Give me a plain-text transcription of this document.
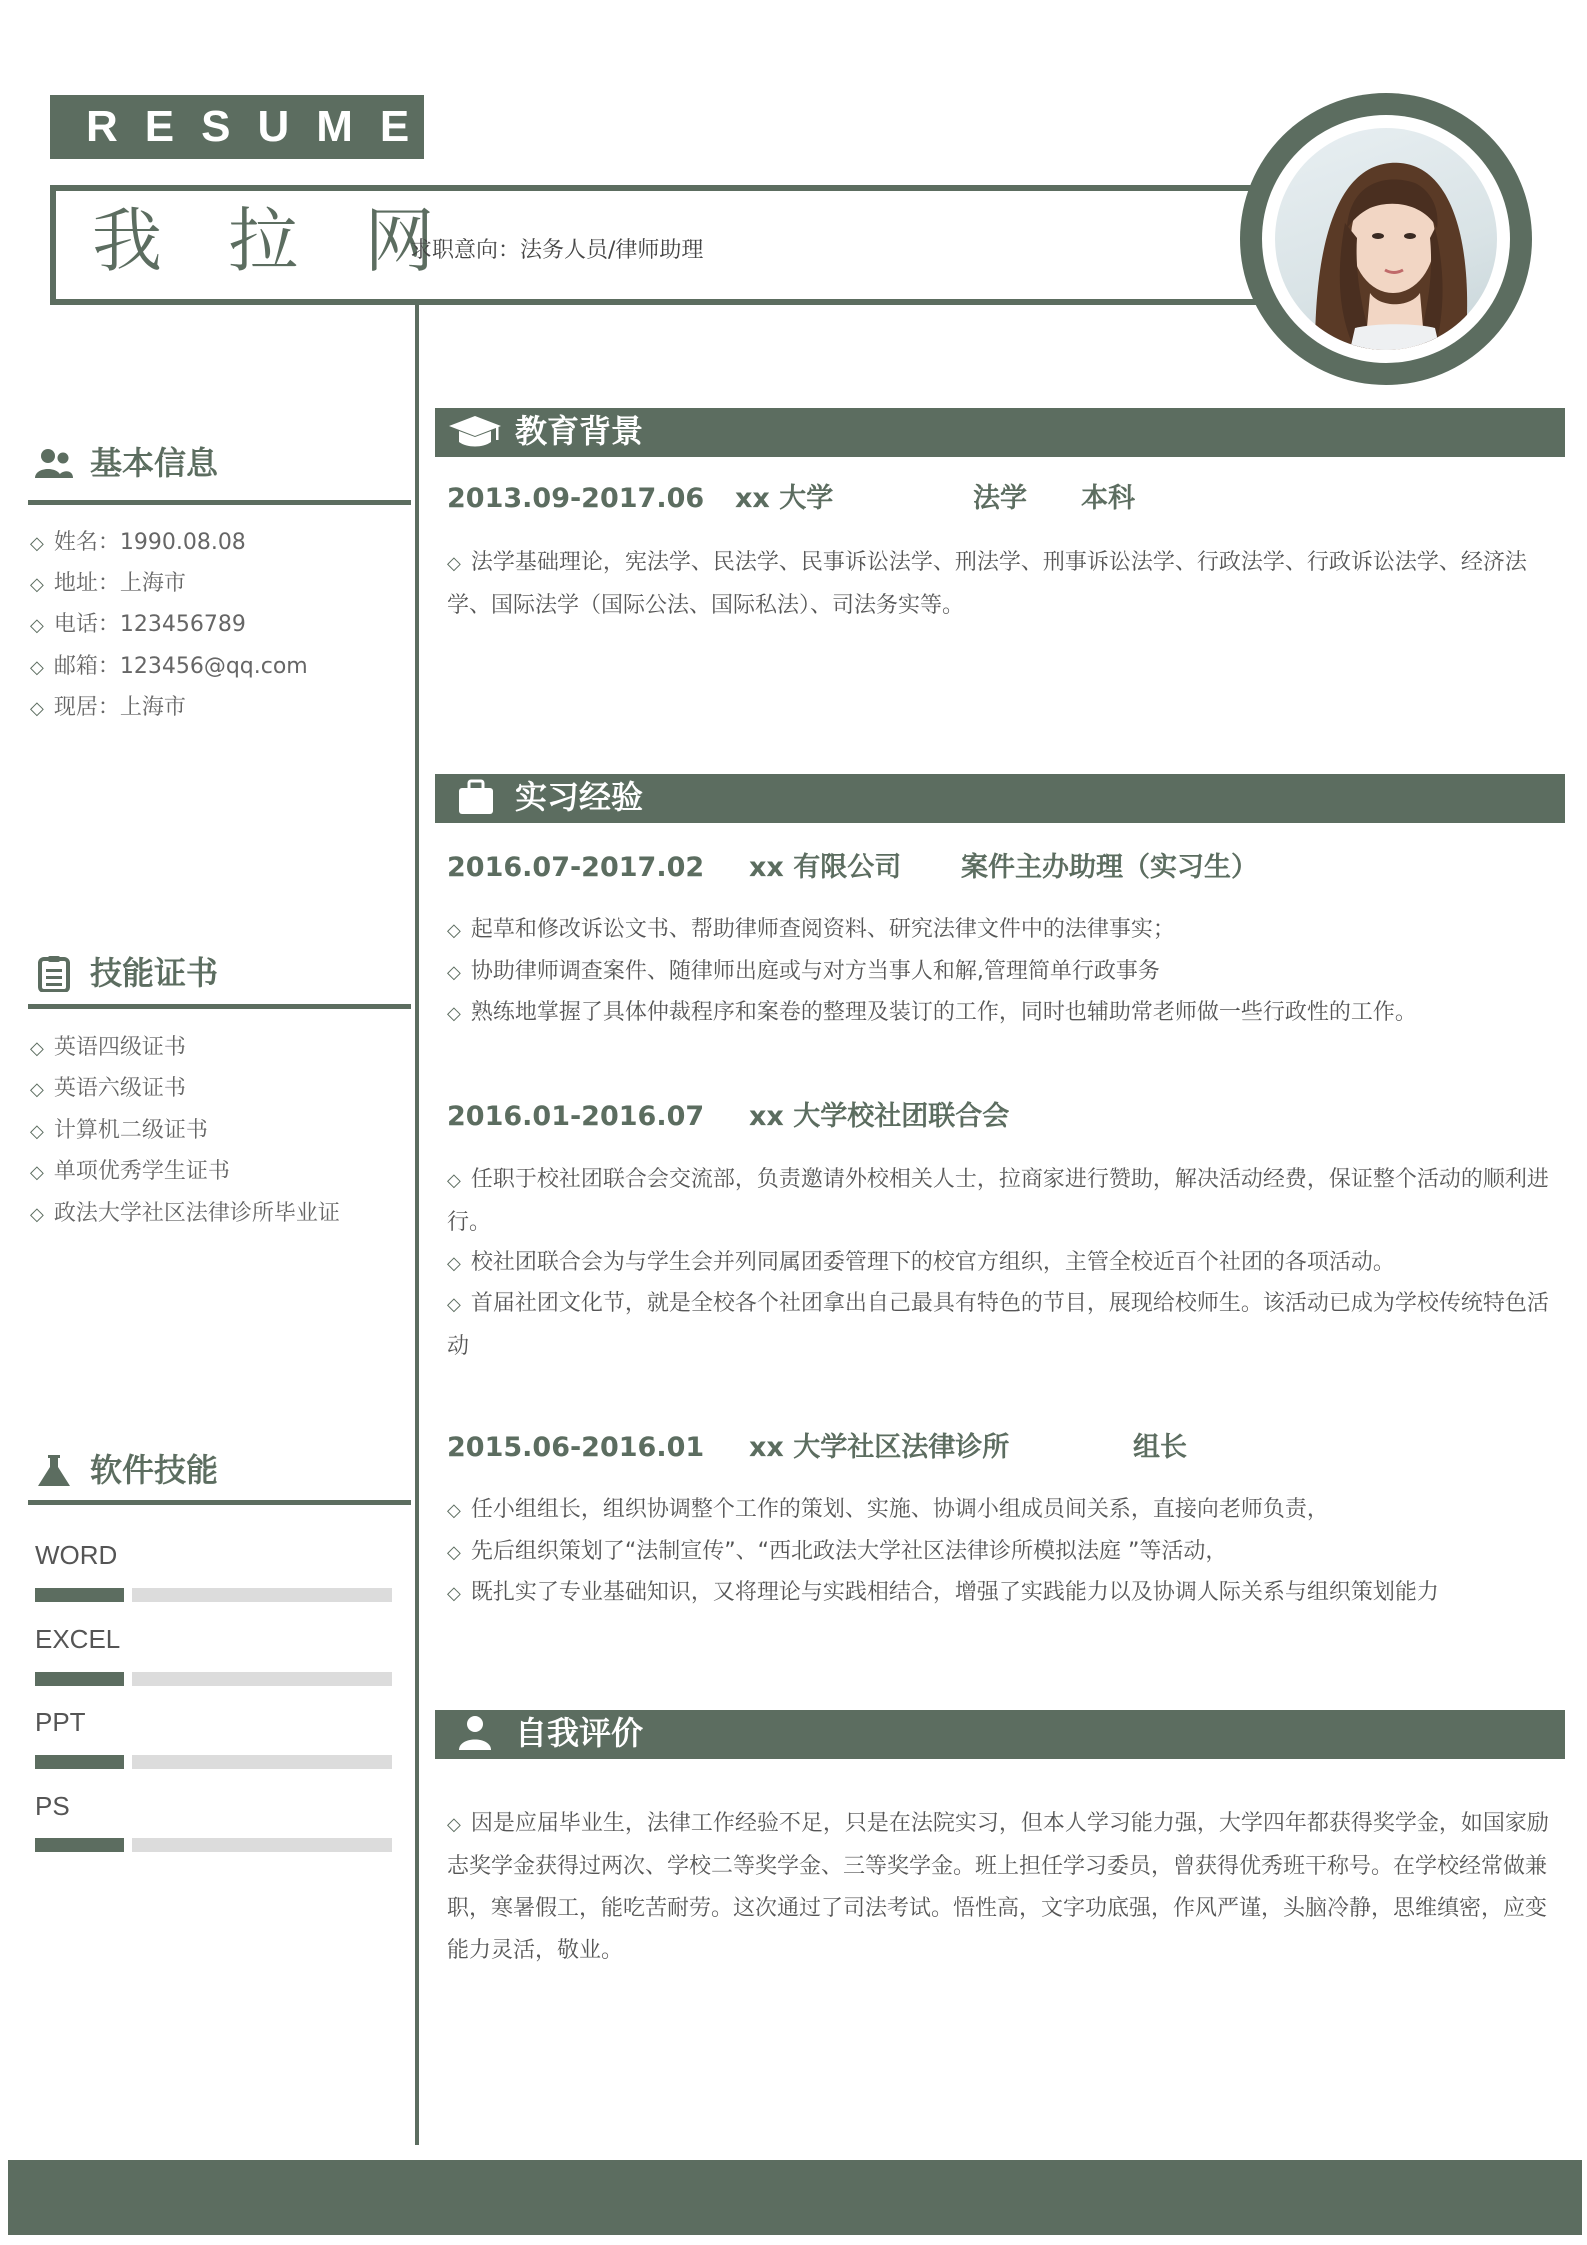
RESUME
我 拉 网
求职意向：法务人员/律师助理
基本信息
◇ 姓名：1990.08.08
◇ 地址：上海市
◇ 电话：123456789
◇ 邮箱：123456@qq.com
◇ 现居：上海市
技能证书
◇ 英语四级证书
◇ 英语六级证书
◇ 计算机二级证书
◇ 单项优秀学生证书
◇ 政法大学社区法律诊所毕业证
软件技能
WORD
EXCEL
PPT
PS
教育背景
2013.09-2017.06 xx 大学	法学 本科
◇ 法学基础理论，宪法学、民法学、民事诉讼法学、刑法学、刑事诉讼法学、行政法学、行政诉讼法学、经济法学、国际法学（国际公法、国际私法）、司法务实等。
实习经验
2016.07-2017.02 xx 有限公司 案件主办助理（实习生）
◇ 起草和修改诉讼文书、帮助律师查阅资料、研究法律文件中的法律事实；
◇ 协助律师调查案件、随律师出庭或与对方当事人和解,管理简单行政事务
◇ 熟练地掌握了具体仲裁程序和案卷的整理及装订的工作，同时也辅助常老师做一些行政性的工作。
2016.01-2016.07 xx 大学校社团联合会
◇ 任职于校社团联合会交流部，负责邀请外校相关人士，拉商家进行赞助，解决活动经费，保证整个活动的顺利进行。
◇ 校社团联合会为与学生会并列同属团委管理下的校官方组织，主管全校近百个社团的各项活动。
◇ 首届社团文化节，就是全校各个社团拿出自己最具有特色的节目，展现给校师生。该活动已成为学校传统特色活动
2015.06-2016.01 xx 大学社区法律诊所	组长
◇ 任小组组长，组织协调整个工作的策划、实施、协调小组成员间关系，直接向老师负责，
◇ 先后组织策划了“法制宣传”、“西北政法大学社区法律诊所模拟法庭 ”等活动，
◇ 既扎实了专业基础知识，又将理论与实践相结合，增强了实践能力以及协调人际关系与组织策划能力
自我评价
◇ 因是应届毕业生，法律工作经验不足，只是在法院实习，但本人学习能力强，大学四年都获得奖学金，如国家励志奖学金获得过两次、学校二等奖学金、三等奖学金。班上担任学习委员，曾获得优秀班干称号。在学校经常做兼职，寒暑假工，能吃苦耐劳。这次通过了司法考试。悟性高，文字功底强，作风严谨，头脑冷静，思维缜密，应变能力灵活，敬业。
